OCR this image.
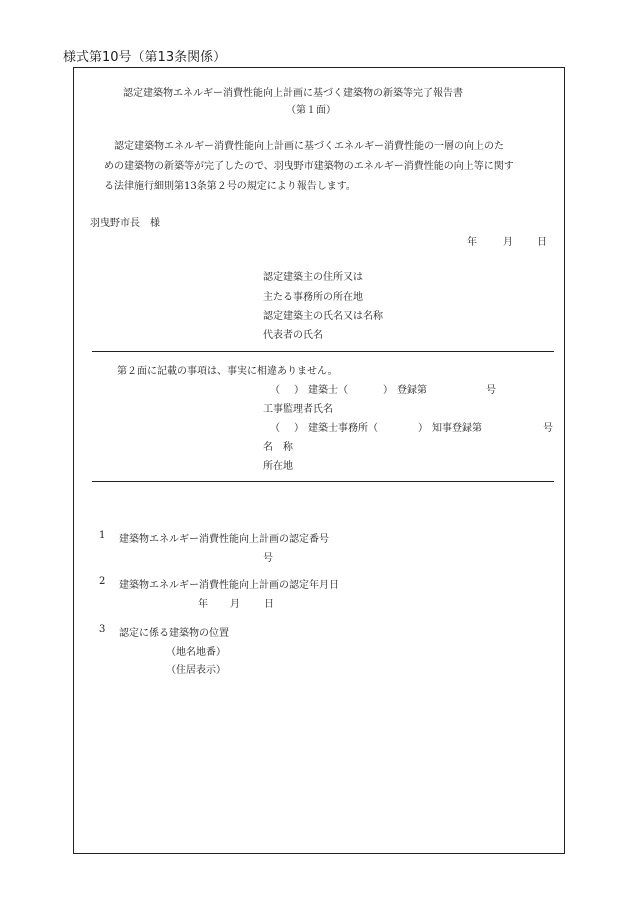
様式第10号（第13条関係）
認定建築物エネルギー消費性能向上計画に基づく建築物の新築等完了報告書
（第１面）

認定建築物エネルギー消費性能向上計画に基づくエネルギー消費性能の一層の向上のた

めの建築物の新築等が完了したので、羽曳野市建築物のエネルギー消費性能の向上等に関す

る法律施行細則第13条第２号の規定により報告します。

羽曳野市長　様
年	月 日
認定建築主の住所又は
主たる事務所の所在地
認定建築主の氏名又は名称
代表者の氏名
第２面に記載の事項は、事実に相違ありません。
（ ） 建築士（	） 登録第	号
工事監理者氏名
（ ） 建築士事務所（	） 知事登録第	号
名　称
所在地
1 建築物エネルギー消費性能向上計画の認定番号
号
2 建築物エネルギー消費性能向上計画の認定年月日
年 月 日
3 認定に係る建築物の位置
（地名地番）
（住居表示）
